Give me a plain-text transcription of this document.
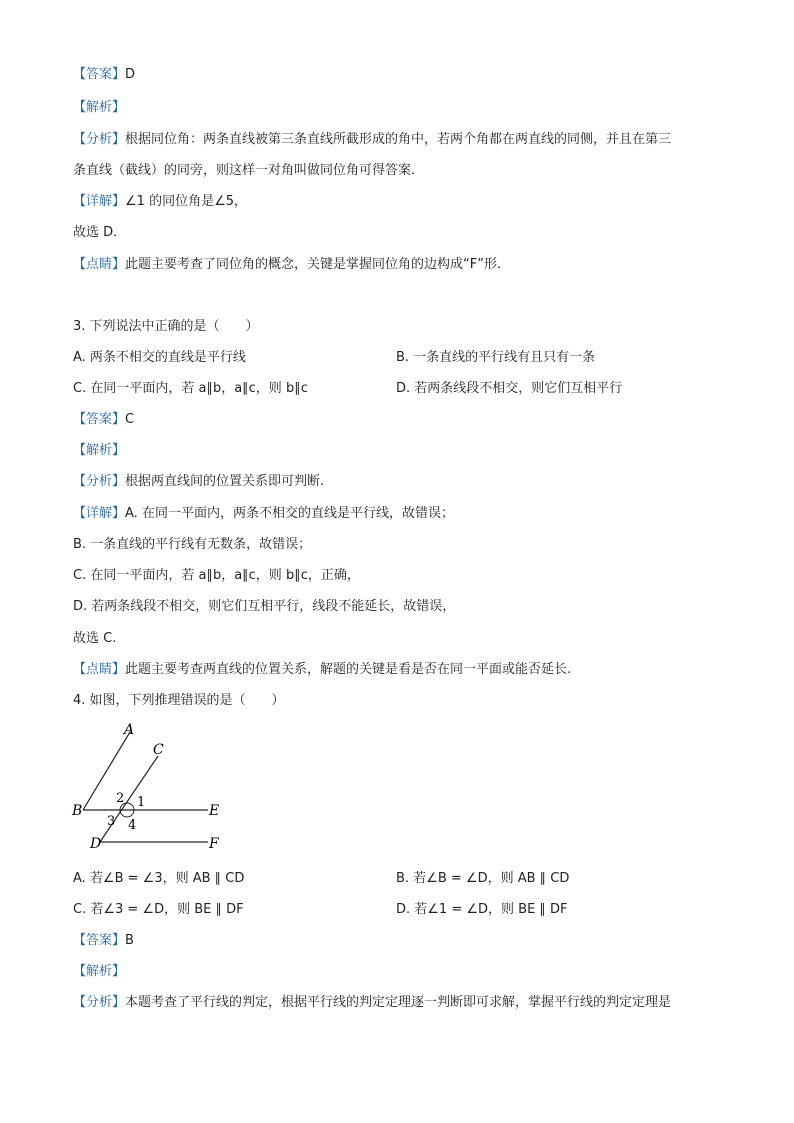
【答案】D
【解析】
【分析】根据同位角：两条直线被第三条直线所截形成的角中，若两个角都在两直线的同侧，并且在第三
条直线（截线）的同旁，则这样一对角叫做同位角可得答案．
【详解】∠1 的同位角是∠5，
故选 D．
【点睛】此题主要考查了同位角的概念，关键是掌握同位角的边构成“F”形．
3. 下列说法中正确的是（　　）
A. 两条不相交的直线是平行线	B. 一条直线的平行线有且只有一条
C. 在同一平面内，若 a∥b，a∥c，则 b∥c	D. 若两条线段不相交，则它们互相平行
【答案】C
【解析】
【分析】根据两直线间的位置关系即可判断.
【详解】A. 在同一平面内，两条不相交的直线是平行线，故错误；
B. 一条直线的平行线有无数条，故错误；
C. 在同一平面内，若 a∥b，a∥c，则 b∥c，正确，
D. 若两条线段不相交，则它们互相平行，线段不能延长，故错误，
故选 C.
【点睛】此题主要考查两直线的位置关系，解题的关键是看是否在同一平面或能否延长.
4. 如图，下列推理错误的是（　　）
A
C
B	E
D	F
1
2
3 4
A. 若∠B = ∠3，则 AB ∥ CD	B. 若∠B = ∠D，则 AB ∥ CD
C. 若∠3 = ∠D，则 BE ∥ DF	D. 若∠1 = ∠D，则 BE ∥ DF
【答案】B
【解析】
【分析】本题考查了平行线的判定，根据平行线的判定定理逐一判断即可求解，掌握平行线的判定定理是
